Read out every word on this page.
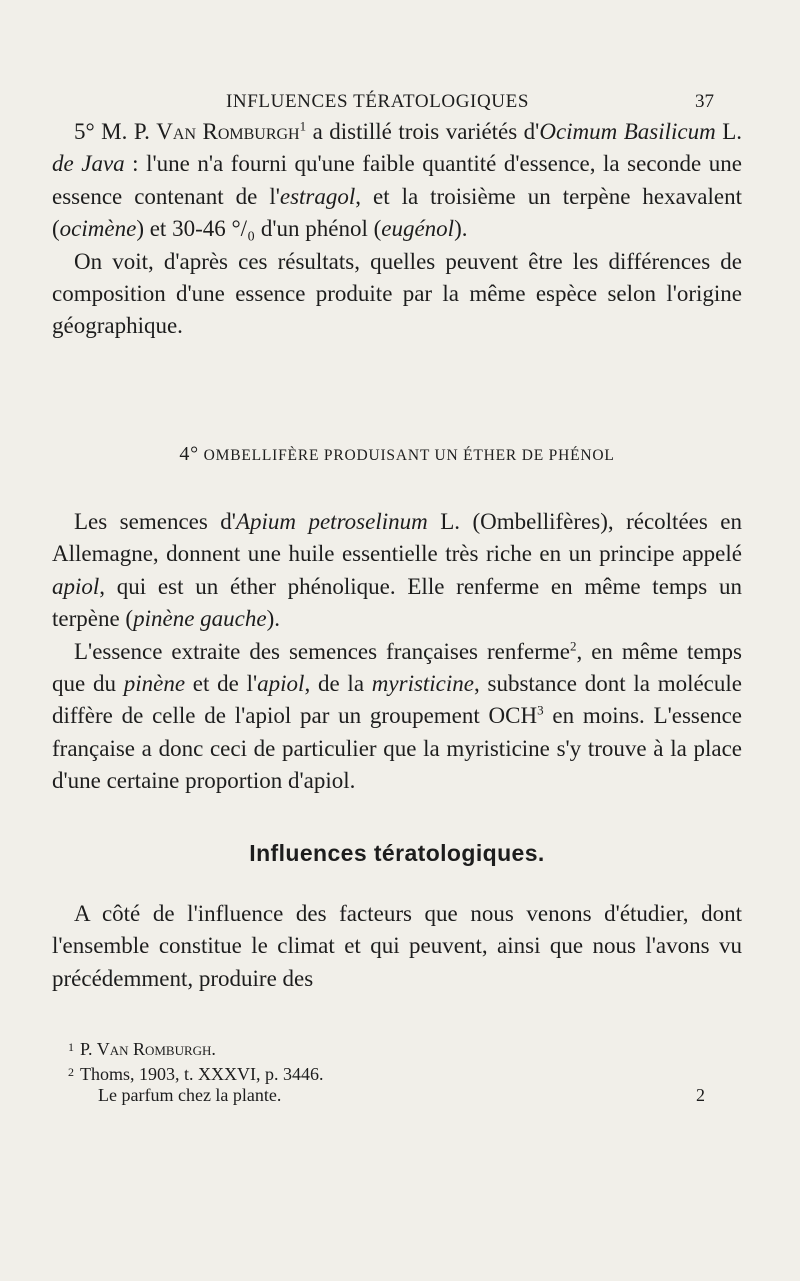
INFLUENCES TÉRATOLOGIQUES	37

5° M. P. Van Romburgh$^1$ a distillé trois variétés d'Ocimum Basilicum L. de Java : l'une n'a fourni qu'une faible quantité d'essence, la seconde une essence contenant de l'estragol, et la troisième un terpène hexavalent (ocimène) et 30-46 °/₀ d'un phénol (eugénol).

On voit, d'après ces résultats, quelles peuvent être les différences de composition d'une essence produite par la même espèce selon l'origine géographique.

4° OMBELLIFÈRE PRODUISANT UN ÉTHER DE PHÉNOL

Les semences d'Apium petroselinum L. (Ombellifères), récoltées en Allemagne, donnent une huile essentielle très riche en un principe appelé apiol, qui est un éther phénolique. Elle renferme en même temps un terpène (pinène gauche).

L'essence extraite des semences françaises renferme$^2$, en même temps que du pinène et de l'apiol, de la myristicine, substance dont la molécule diffère de celle de l'apiol par un groupement OCH$^3$ en moins. L'essence française a donc ceci de particulier que la myristicine s'y trouve à la place d'une certaine proportion d'apiol.

Influences tératologiques.

A côté de l'influence des facteurs que nous venons d'étudier, dont l'ensemble constitue le climat et qui peuvent, ainsi que nous l'avons vu précédemment, produire des

$^1$ P. Van Romburgh.
$^2$ Thoms, 1903, t. XXXVI, p. 3446.
Le parfum chez la plante.	2
